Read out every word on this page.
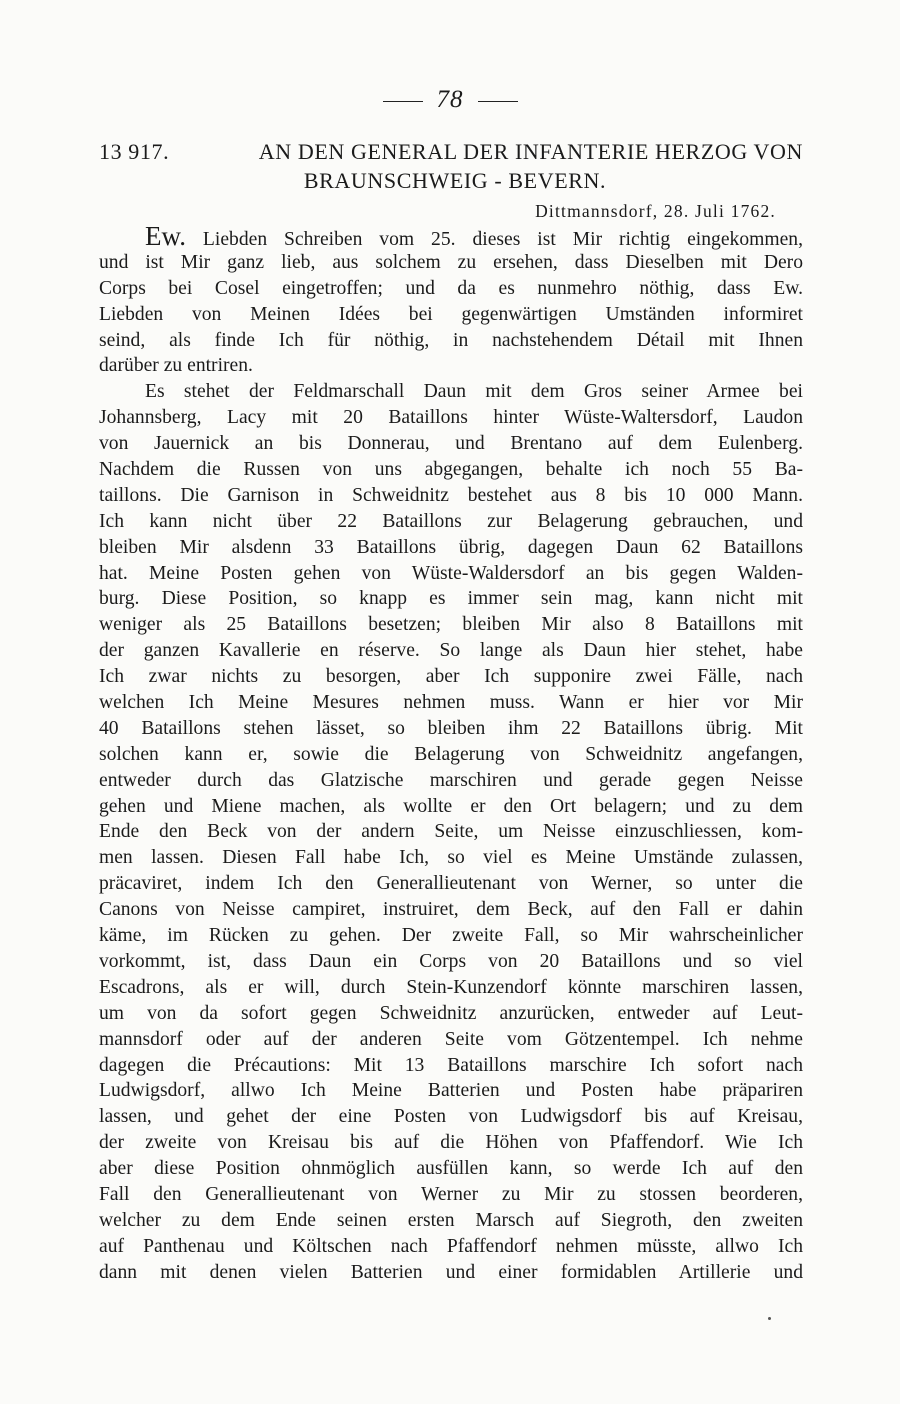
78
13 917.	AN DEN GENERAL DER INFANTERIE HERZOG VON
BRAUNSCHWEIG - BEVERN.
Dittmannsdorf, 28. Juli 1762.
Ew. Liebden Schreiben vom 25. dieses ist Mir richtig eingekommen,
und ist Mir ganz lieb, aus solchem zu ersehen, dass Dieselben mit Dero
Corps bei Cosel eingetroffen; und da es nunmehro nöthig, dass Ew.
Liebden von Meinen Idées bei gegenwärtigen Umständen informiret
seind, als finde Ich für nöthig, in nachstehendem Détail mit Ihnen
darüber zu entriren.
Es stehet der Feldmarschall Daun mit dem Gros seiner Armee bei
Johannsberg, Lacy mit 20 Bataillons hinter Wüste-Waltersdorf, Laudon
von Jauernick an bis Donnerau, und Brentano auf dem Eulenberg.
Nachdem die Russen von uns abgegangen, behalte ich noch 55 Ba-
taillons. Die Garnison in Schweidnitz bestehet aus 8 bis 10 000 Mann.
Ich kann nicht über 22 Bataillons zur Belagerung gebrauchen, und
bleiben Mir alsdenn 33 Bataillons übrig, dagegen Daun 62 Bataillons
hat. Meine Posten gehen von Wüste-Waldersdorf an bis gegen Walden-
burg. Diese Position, so knapp es immer sein mag, kann nicht mit
weniger als 25 Bataillons besetzen; bleiben Mir also 8 Bataillons mit
der ganzen Kavallerie en réserve. So lange als Daun hier stehet, habe
Ich zwar nichts zu besorgen, aber Ich supponire zwei Fälle, nach
welchen Ich Meine Mesures nehmen muss. Wann er hier vor Mir
40 Bataillons stehen lässet, so bleiben ihm 22 Bataillons übrig. Mit
solchen kann er, sowie die Belagerung von Schweidnitz angefangen,
entweder durch das Glatzische marschiren und gerade gegen Neisse
gehen und Miene machen, als wollte er den Ort belagern; und zu dem
Ende den Beck von der andern Seite, um Neisse einzuschliessen, kom-
men lassen. Diesen Fall habe Ich, so viel es Meine Umstände zulassen,
präcaviret, indem Ich den Generallieutenant von Werner, so unter die
Canons von Neisse campiret, instruiret, dem Beck, auf den Fall er dahin
käme, im Rücken zu gehen. Der zweite Fall, so Mir wahrscheinlicher
vorkommt, ist, dass Daun ein Corps von 20 Bataillons und so viel
Escadrons, als er will, durch Stein-Kunzendorf könnte marschiren lassen,
um von da sofort gegen Schweidnitz anzurücken, entweder auf Leut-
mannsdorf oder auf der anderen Seite vom Götzentempel. Ich nehme
dagegen die Précautions: Mit 13 Bataillons marschire Ich sofort nach
Ludwigsdorf, allwo Ich Meine Batterien und Posten habe präpariren
lassen, und gehet der eine Posten von Ludwigsdorf bis auf Kreisau,
der zweite von Kreisau bis auf die Höhen von Pfaffendorf. Wie Ich
aber diese Position ohnmöglich ausfüllen kann, so werde Ich auf den
Fall den Generallieutenant von Werner zu Mir zu stossen beorderen,
welcher zu dem Ende seinen ersten Marsch auf Siegroth, den zweiten
auf Panthenau und Költschen nach Pfaffendorf nehmen müsste, allwo Ich
dann mit denen vielen Batterien und einer formidablen Artillerie und
